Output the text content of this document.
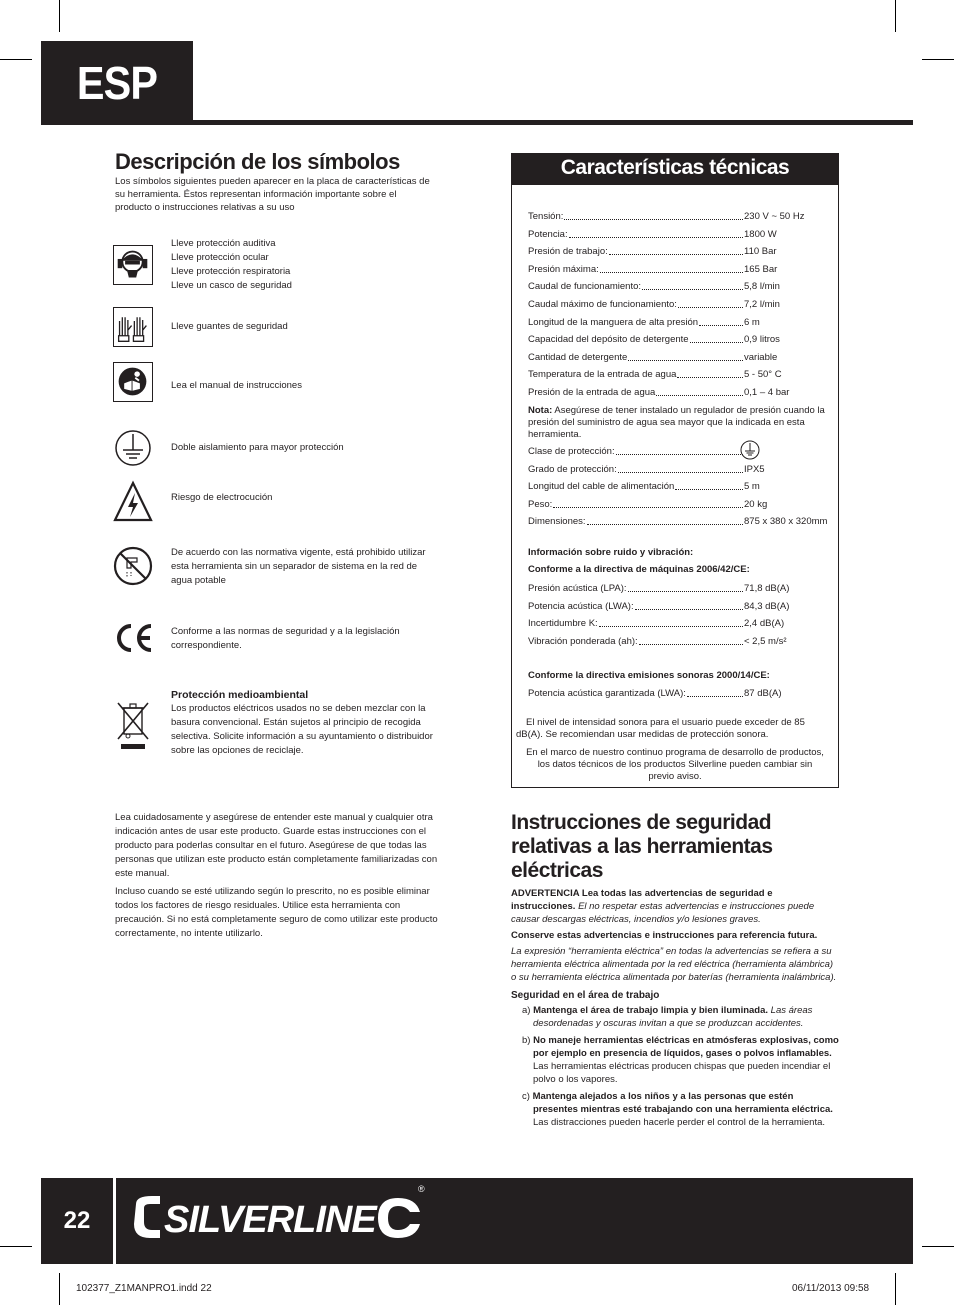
ESP
Descripción de los símbolos
Los símbolos siguientes pueden aparecer en la placa de características de su herramienta. Éstos representan información importante sobre el producto o instrucciones relativas a su uso
Lleve protección auditiva
Lleve protección ocular
Lleve protección respiratoria
Lleve un casco de seguridad
Lleve guantes de seguridad
Lea el manual de instrucciones
Doble aislamiento para mayor protección
Riesgo de electrocución
De acuerdo con las normativa vigente, está prohibido utilizar
esta herramienta sin un separador de sistema en la red de
agua potable
Conforme a las normas de seguridad y a la legislación
correspondiente.
Protección medioambiental
Los productos eléctricos usados no se deben mezclar con la
basura convencional. Están sujetos al principio de recogida
selectiva. Solicite información a su ayuntamiento o distribuidor
sobre las opciones de reciclaje.

Lea cuidadosamente y asegúrese de entender este manual y cualquier otra indicación antes de usar este producto. Guarde estas instrucciones con el producto para poderlas consultar en el futuro. Asegúrese de que todas las personas que utilizan este producto están completamente familiarizadas con este manual.

Incluso cuando se esté utilizando según lo prescrito, no es posible eliminar todos los factores de riesgo residuales. Utilice esta herramienta con precaución. Si no está completamente seguro de como utilizar este producto correctamente, no intente utilizarlo.

Características técnicas
Tensión:	230 V ~ 50 Hz
Potencia:	1800 W
Presión de trabajo:	110 Bar
Presión máxima:	165 Bar
Caudal de funcionamiento:	5,8 l/min
Caudal máximo de funcionamiento:	7,2 l/min
Longitud de la manguera de alta presión	6 m
Capacidad del depósito de detergente	0,9 litros
Cantidad de detergente	variable
Temperatura de la entrada de agua	5 - 50° C
Presión de la entrada de agua	0,1 – 4 bar
Nota: Asegúrese de tener instalado un regulador de presión cuando la presión del suministro de agua sea mayor que la indicada en esta herramienta.
Clase de protección:
Grado de protección:	IPX5
Longitud del cable de alimentación	5 m
Peso:	20 kg
Dimensiones:	875 x 380 x 320mm
Información sobre ruido y vibración:
Conforme a la directiva de máquinas 2006/42/CE:
Presión acústica (LPA):	71,8 dB(A)
Potencia acústica (LWA):	84,3 dB(A)
Incertidumbre K:	2,4 dB(A)
Vibración ponderada (ah):	< 2,5 m/s²
Conforme la directiva emisiones sonoras 2000/14/CE:
Potencia acústica garantizada (LWA):	87 dB(A)
El nivel de intensidad sonora para el usuario puede exceder de 85 dB(A). Se recomiendan usar medidas de protección sonora.
En el marco de nuestro continuo programa de desarrollo de productos, los datos técnicos de los productos Silverline pueden cambiar sin previo aviso.
Instrucciones de seguridad
relativas a las herramientas
eléctricas

ADVERTENCIA Lea todas las advertencias de seguridad e instrucciones. El no respetar estas advertencias e instrucciones puede causar descargas eléctricas, incendios y/o lesiones graves.

Conserve estas advertencias e instrucciones para referencia futura.

La expresión “herramienta eléctrica” en todas la advertencias se refiera a su herramienta eléctrica alimentada por la red eléctrica (herramienta alámbrica) o su herramienta eléctrica alimentada por baterías (herramienta inalámbrica).

Seguridad en el área de trabajo

a) Mantenga el área de trabajo limpia y bien iluminada. Las áreas desordenadas y oscuras invitan a que se produzcan accidentes.
b) No maneje herramientas eléctricas en atmósferas explosivas, como por ejemplo en presencia de líquidos, gases o polvos inflamables. Las herramientas eléctricas producen chispas que pueden incendiar el polvo o los vapores.
c) Mantenga alejados a los niños y a las personas que estén presentes mientras esté trabajando con una herramienta eléctrica. Las distracciones pueden hacerle perder el control de la herramienta.
22	SILVERLINE
®
102377_Z1MANPRO1.indd 22	06/11/2013 09:58
